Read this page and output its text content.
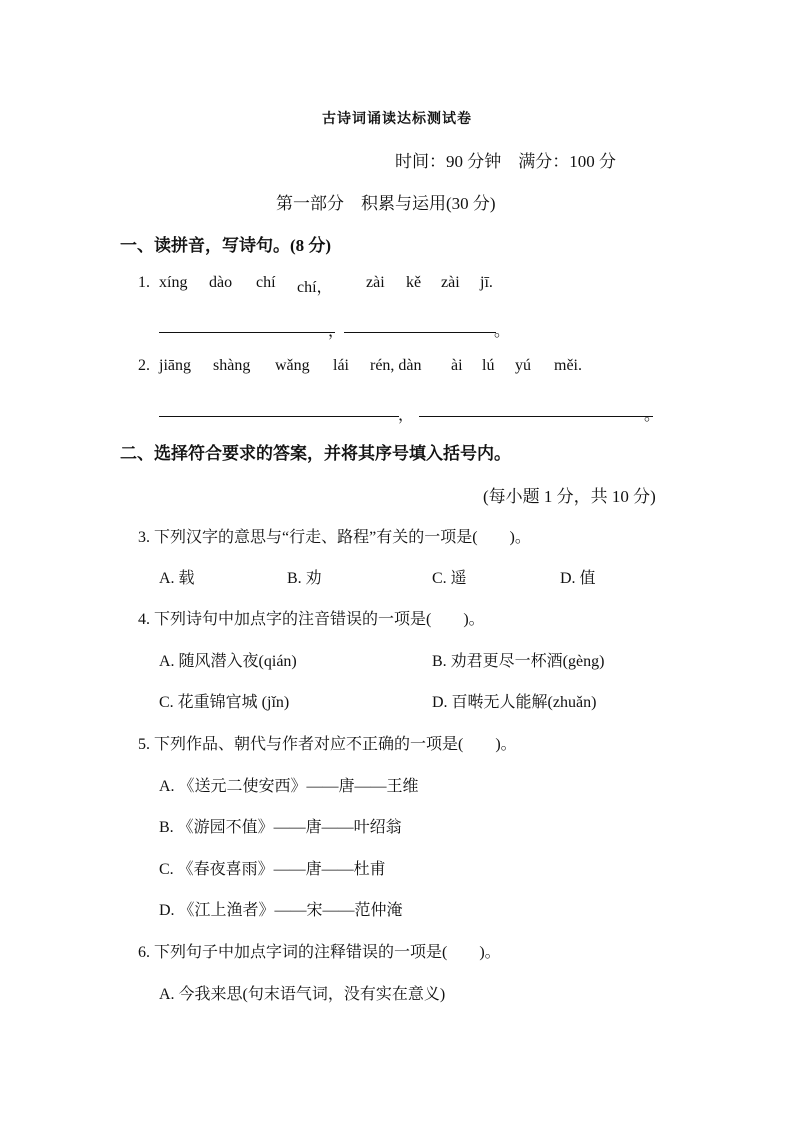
古诗词诵读达标测试卷
时间：90 分钟　满分：100 分
第一部分　积累与运用(30 分)
一、读拼音，写诗句。(8 分)
1. xíng dào chí chí， zài kě zài jī.
，	。
2. jiāng shàng wǎng lái rén, dàn ài lú yú měi.
，	。
二、选择符合要求的答案，并将其序号填入括号内。
(每小题 1 分，共 10 分)
3. 下列汉字的意思与“行走、路程”有关的一项是(　　)。
A. 载	B. 劝	C. 遥	D. 值
4. 下列诗句中加点字的注音错误的一项是(　　)。
A. 随风潜入夜(qián)	B. 劝君更尽一杯酒(gèng)
C. 花重锦官城 (jǐn)	D. 百啭无人能解(zhuǎn)
5. 下列作品、朝代与作者对应不正确的一项是(　　)。
A. 《送元二使安西》——唐——王维
B. 《游园不值》——唐——叶绍翁
C. 《春夜喜雨》——唐——杜甫
D. 《江上渔者》——宋——范仲淹
6. 下列句子中加点字词的注释错误的一项是(　　)。
A. 今我来思(句末语气词，没有实在意义)
